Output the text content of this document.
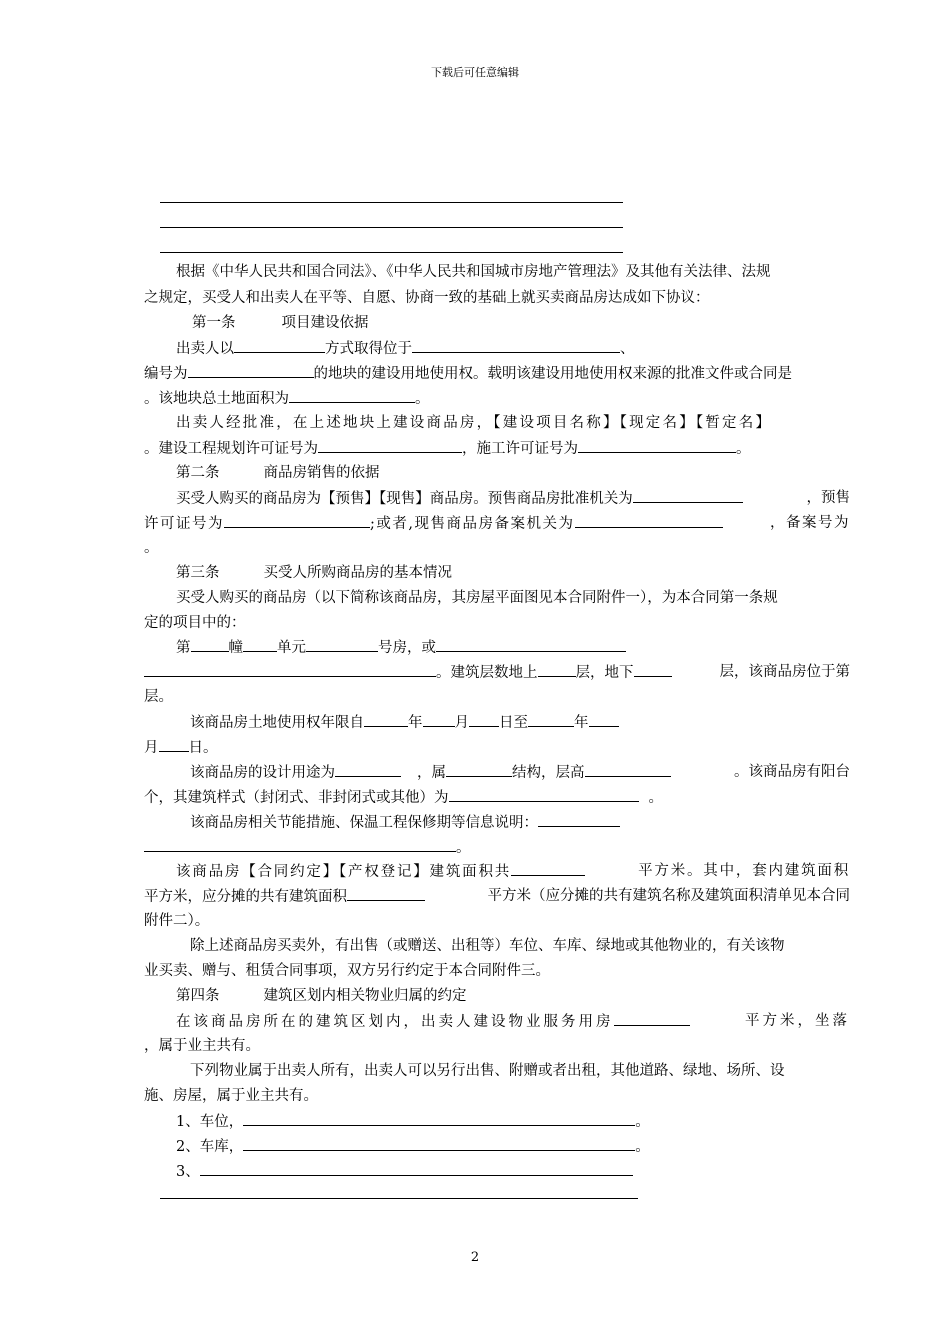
下载后可任意编辑
根据《中华人民共和国合同法》、《中华人民共和国城市房地产管理法》及其他有关法律、法规
之规定，买受人和出卖人在平等、自愿、协商一致的基础上就买卖商品房达成如下协议：
第一条	项目建设依据
出卖人以	方式取得位于	、
编号为	的地块的建设用地使用权。载明该建设用地使用权来源的批准文件或合同是
。该地块总土地面积为	。
出卖人经批准，在上述地块上建设商品房，【建设项目名称】【现定名】【暂定名】
。建设工程规划许可证号为	，施工许可证号为	。
第二条	商品房销售的依据
买受人购买的商品房为【预售】【现售】商品房。预售商品房批准机关为	，预售
许可证号为	;或者,现售商品房备案机关为	，备案号为
。
第三条	买受人所购商品房的基本情况
买受人购买的商品房（以下简称该商品房，其房屋平面图见本合同附件一），为本合同第一条规
定的项目中的：
第	幢 单元	号房，或
。建筑层数地上	层，地下	层，该商品房位于第
层。
该商品房土地使用权年限自	年 月 日至	年
月 日。
该商品房的设计用途为	，属	结构，层高	。该商品房有阳台
个，其建筑样式（封闭式、非封闭式或其他）为	。
该商品房相关节能措施、保温工程保修期等信息说明：
。
该商品房【合同约定】【产权登记】建筑面积共	平方米。其中，套内建筑面积
平方米，应分摊的共有建筑面积	平方米（应分摊的共有建筑名称及建筑面积清单见本合同
附件二）。
除上述商品房买卖外，有出售（或赠送、出租等）车位、车库、绿地或其他物业的，有关该物
业买卖、赠与、租赁合同事项，双方另行约定于本合同附件三。
第四条	建筑区划内相关物业归属的约定
在该商品房所在的建筑区划内，出卖人建设物业服务用房	平方米，坐落
，属于业主共有。
下列物业属于出卖人所有，出卖人可以另行出售、附赠或者出租，其他道路、绿地、场所、设
施、房屋，属于业主共有。
1、车位，	。
2、车库，	。
3、
2
